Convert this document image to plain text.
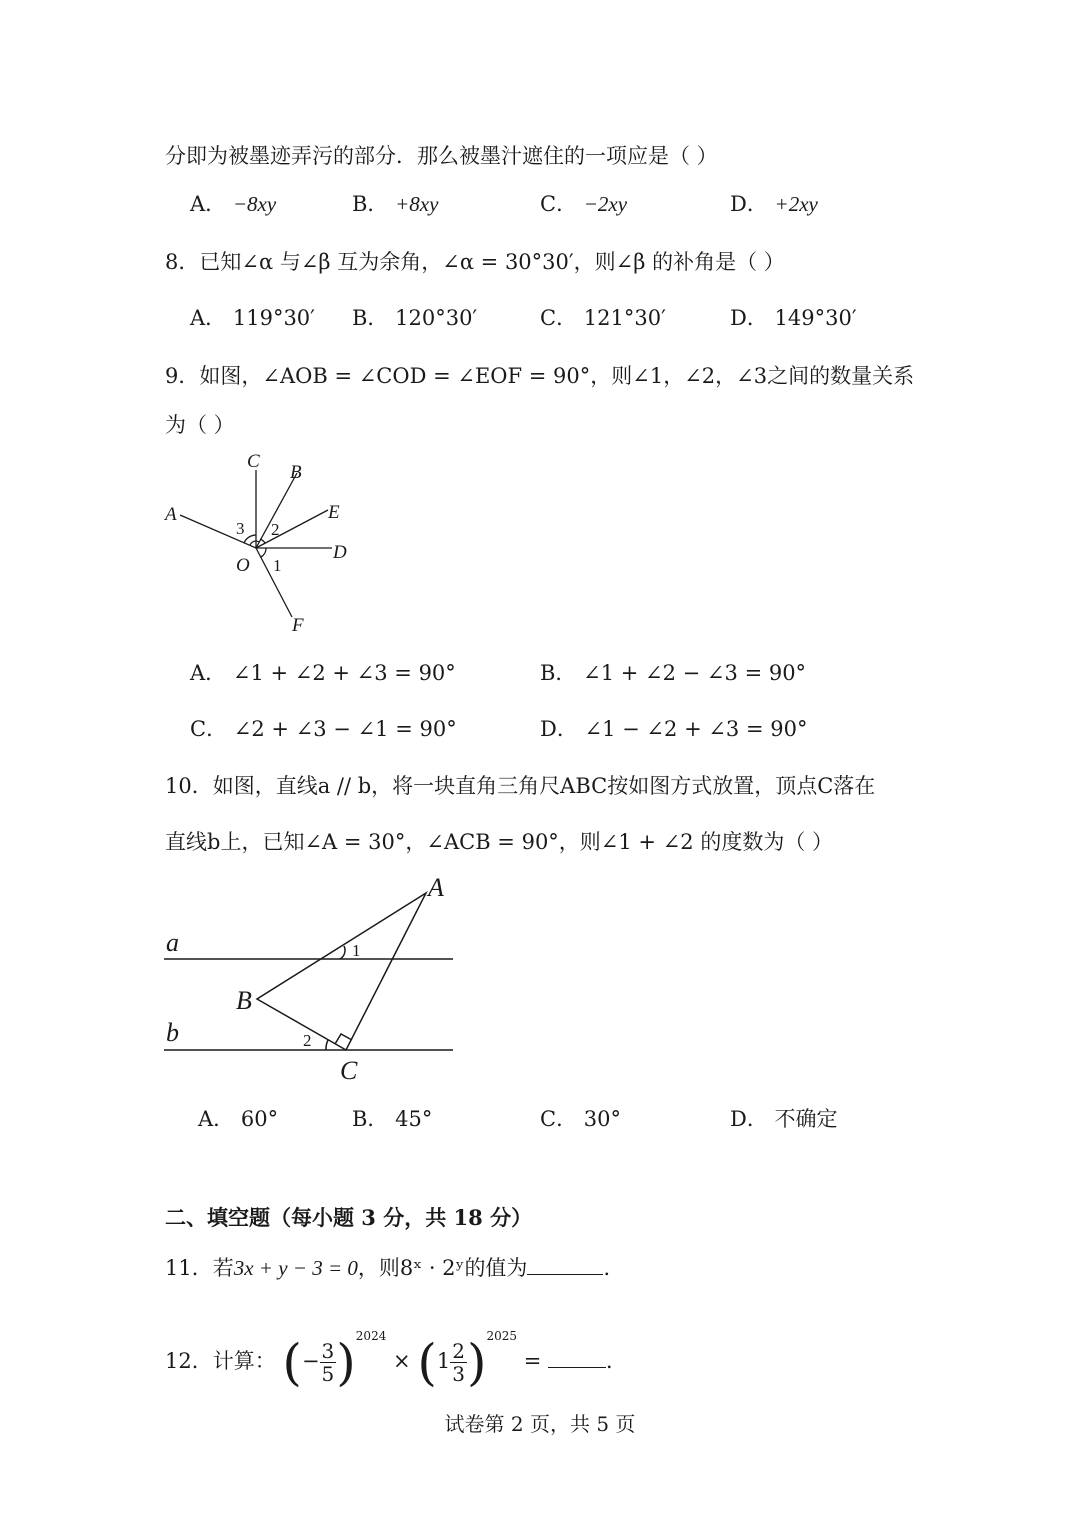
分即为被墨迹弄污的部分．那么被墨汁遮住的一项应是（ ）
A． −8xy	B． +8xy	C． −2xy	D． +2xy
8．已知∠α 与∠β 互为余角，∠α = 30°30′，则∠β 的补角是（ ）
A． 119°30′ B． 120°30′	C． 121°30′	D． 149°30′
9．如图，∠AOB = ∠COD = ∠EOF = 90°，则∠1，∠2，∠3之间的数量关系
为（ ）
C
B
A	E
D
O
F
3 2
1
A． ∠1 + ∠2 + ∠3 = 90°	B． ∠1 + ∠2 − ∠3 = 90°
C． ∠2 + ∠3 − ∠1 = 90°	D． ∠1 − ∠2 + ∠3 = 90°
10．如图，直线a // b，将一块直角三角尺ABC按如图方式放置，顶点C落在
直线b上，已知∠A = 30°，∠ACB = 90°，则∠1 + ∠2 的度数为（ ）
a
b
A
B
C
1
2
A． 60°	B． 45°	C． 30°	D． 不确定
二、填空题（每小题 3 分，共 18 分）
11．若3x + y − 3 = 0，则8ˣ · 2ʸ的值为	．
12．计算： (− $\frac{3}{5} )^{2024} \times (1 \frac{2}{3} )^{2025}$ =	．
试卷第 2 页，共 5 页
